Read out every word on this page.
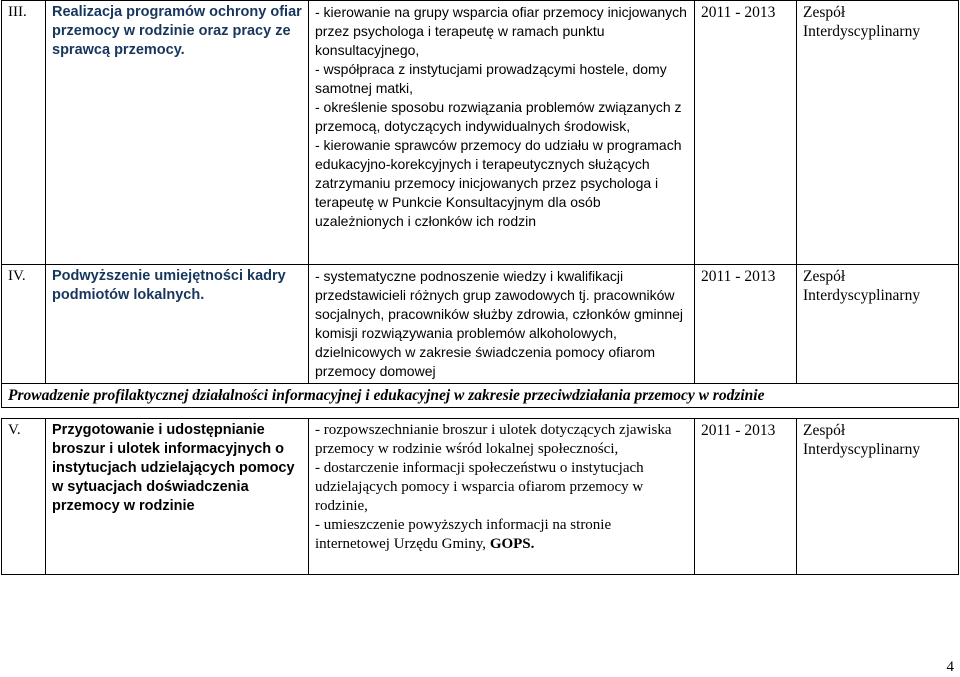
III.	Realizacja programów ochrony ofiar przemocy w rodzinie oraz pracy ze sprawcą przemocy.	- kierowanie na grupy wsparcia ofiar przemocy inicjowanych przez psychologa i terapeutę w ramach punktu konsultacyjnego,
- współpraca z instytucjami prowadzącymi hostele, domy samotnej matki,
- określenie sposobu rozwiązania problemów związanych z przemocą, dotyczących indywidualnych środowisk,
- kierowanie sprawców przemocy do udziału w programach edukacyjno-korekcyjnych i terapeutycznych służących zatrzymaniu przemocy inicjowanych przez psychologa i terapeutę w Punkcie Konsultacyjnym dla osób uzależnionych i członków ich rodzin	2011 - 2013	Zespół Interdyscyplinarny
IV.	Podwyższenie umiejętności kadry podmiotów lokalnych.	- systematyczne podnoszenie wiedzy i kwalifikacji przedstawicieli różnych grup zawodowych tj. pracowników socjalnych, pracowników służby zdrowia, członków gminnej komisji rozwiązywania problemów alkoholowych, dzielnicowych w zakresie świadczenia pomocy ofiarom przemocy domowej	2011 - 2013	Zespół Interdyscyplinarny
Prowadzenie profilaktycznej działalności informacyjnej i edukacyjnej w zakresie przeciwdziałania przemocy w rodzinie				

V.	Przygotowanie i udostępnianie broszur i ulotek informacyjnych o instytucjach udzielających pomocy w sytuacjach doświadczenia przemocy w rodzinie	- rozpowszechnianie broszur i ulotek dotyczących zjawiska przemocy w rodzinie wśród lokalnej społeczności,
- dostarczenie informacji społeczeństwu o instytucjach udzielających pomocy i wsparcia ofiarom przemocy w rodzinie,
- umieszczenie powyższych informacji na stronie internetowej Urzędu Gminy, GOPS.	2011 - 2013	Zespół Interdyscyplinarny
4
